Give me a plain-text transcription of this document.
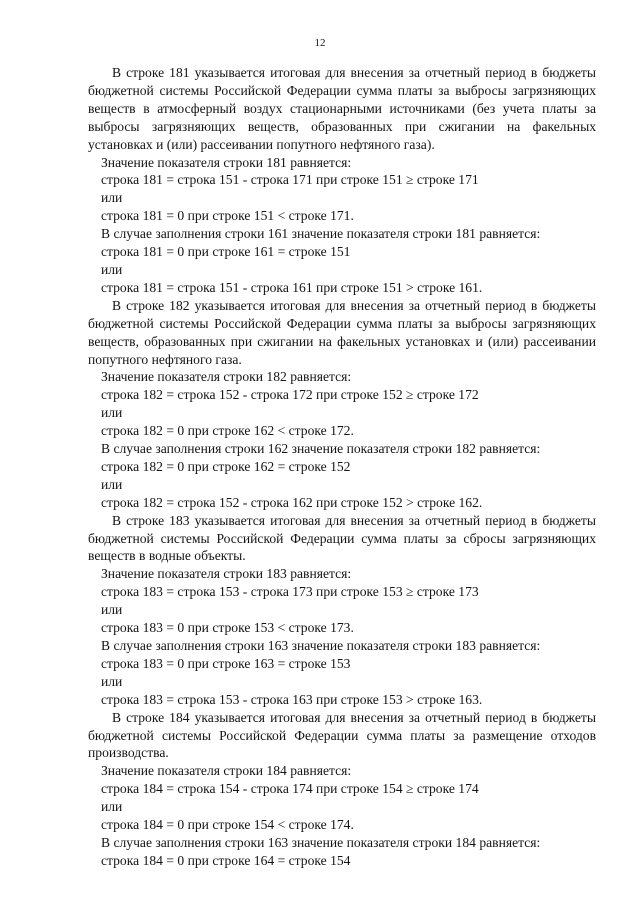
12

В строке 181 указывается итоговая для внесения за отчетный период в бюджеты бюджетной системы Российской Федерации сумма платы за выбросы загрязняющих веществ в атмосферный воздух стационарными источниками (без учета платы за выбросы загрязняющих веществ, образованных при сжигании на факельных установках и (или) рассеивании попутного нефтяного газа).

Значение показателя строки 181 равняется:

строка 181 = строка 151 - строка 171 при строке 151 ≥ строке 171

или

строка 181 = 0 при строке 151 < строке 171.

В случае заполнения строки 161 значение показателя строки 181 равняется:

строка 181 = 0 при строке 161 = строке 151

или

строка 181 = строка 151 - строка 161 при строке 151 > строке 161.

В строке 182 указывается итоговая для внесения за отчетный период в бюджеты бюджетной системы Российской Федерации сумма платы за выбросы загрязняющих веществ, образованных при сжигании на факельных установках и (или) рассеивании попутного нефтяного газа.

Значение показателя строки 182 равняется:

строка 182 = строка 152 - строка 172 при строке 152 ≥ строке 172

или

строка 182 = 0 при строке 162 < строке 172.

В случае заполнения строки 162 значение показателя строки 182 равняется:

строка 182 = 0 при строке 162 = строке 152

или

строка 182 = строка 152 - строка 162 при строке 152 > строке 162.

В строке 183 указывается итоговая для внесения за отчетный период в бюджеты бюджетной системы Российской Федерации сумма платы за сбросы загрязняющих веществ в водные объекты.

Значение показателя строки 183 равняется:

строка 183 = строка 153 - строка 173 при строке 153 ≥ строке 173

или

строка 183 = 0 при строке 153 < строке 173.

В случае заполнения строки 163 значение показателя строки 183 равняется:

строка 183 = 0 при строке 163 = строке 153

или

строка 183 = строка 153 - строка 163 при строке 153 > строке 163.

В строке 184 указывается итоговая для внесения за отчетный период в бюджеты бюджетной системы Российской Федерации сумма платы за размещение отходов производства.

Значение показателя строки 184 равняется:

строка 184 = строка 154 - строка 174 при строке 154 ≥ строке 174

или

строка 184 = 0 при строке 154 < строке 174.

В случае заполнения строки 163 значение показателя строки 184 равняется:

строка 184 = 0 при строке 164 = строке 154
